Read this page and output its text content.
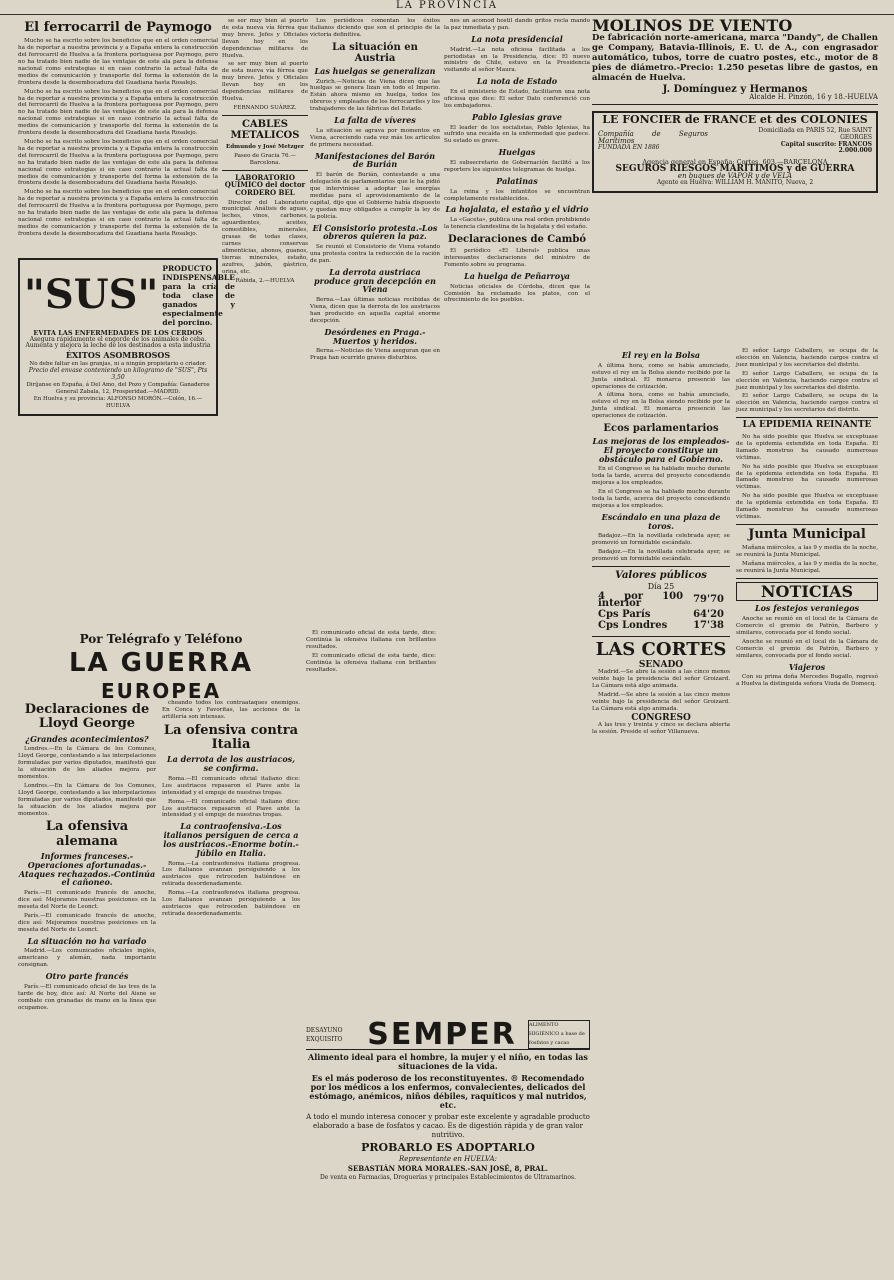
LA PROVINCIA
El ferrocarril de Paymogo

Mucho se ha escrito sobre los beneficios que en el orden comercial ha de reportar a nuestra provincia y a España entera la construcción del ferrocarril de Huelva a la frontera portuguesa por Paymogo, pero no ha tratado bien nadie de las ventajas de este ala para la defensa nacional como estrategias si en caso contrario la actual falta de medios de comunicación y transporte del forma la extensión de la frontera desde la desembocadura del Guadiana hasta Rosalejo.

Mucho se ha escrito sobre los beneficios que en el orden comercial ha de reportar a nuestra provincia y a España entera la construcción del ferrocarril de Huelva a la frontera portuguesa por Paymogo, pero no ha tratado bien nadie de las ventajas de este ala para la defensa nacional como estrategias si en caso contrario la actual falta de medios de comunicación y transporte del forma la extensión de la frontera desde la desembocadura del Guadiana hasta Rosalejo.

Mucho se ha escrito sobre los beneficios que en el orden comercial ha de reportar a nuestra provincia y a España entera la construcción del ferrocarril de Huelva a la frontera portuguesa por Paymogo, pero no ha tratado bien nadie de las ventajas de este ala para la defensa nacional como estrategias si en caso contrario la actual falta de medios de comunicación y transporte del forma la extensión de la frontera desde la desembocadura del Guadiana hasta Rosalejo.

Mucho se ha escrito sobre los beneficios que en el orden comercial ha de reportar a nuestra provincia y a España entera la construcción del ferrocarril de Huelva a la frontera portuguesa por Paymogo, pero no ha tratado bien nadie de las ventajas de este ala para la defensa nacional como estrategias si en caso contrario la actual falta de medios de comunicación y transporte del forma la extensión de la frontera desde la desembocadura del Guadiana hasta Rosalejo.

"SUS"
PRODUCTO INDISPENSABLE para la cría de toda clase de ganados y especialmente del porcino.
EVITA LAS ENFERMEDADES DE LOS CERDOS
Asegura rápidamente el engorde de los animales de ceba. Aumenta y mejora la leche de los destinados a esta industria
ÉXITOS ASOMBROSOS
No debe faltar en las granjas, ni a ningún propietario o criador.
Precio del envase conteniendo un kilogramo de "SUS", Pts 3,50
Diríjanse en España, á Del Amo, del Pozo y Compañía: Ganaderos General Zabala, 12, Prosperidad.—MADRID.
En Huelva y su provincia: ALFONSO MORÓN.—Colón, 16.—HUELVA

se ser muy bien al puerto de esta nueva vía férrea que muy breve. Jefes y Oficiales llevan hoy en los dependencias militares de Huelva.

se ser muy bien al puerto de esta nueva vía férrea que muy breve. Jefes y Oficiales llevan hoy en los dependencias militares de Huelva.

FERNANDO SUÁREZ.

CABLES METALICOS

Edmundo y José Metzger

Paseo de Gracia 76.—Barcelona.

LABORATORIO QUÍMICO del doctor CORDERO BEL

Director del Laboratorio municipal. Análisis de aguas, leches, vinos, carbones, aguardientes, aceites, comestibles, minerales, grasas de todas clases, carnes conservas alimenticias, abonos, guanos, tierras minerales, estaño, azufres, jabón, gástrico, orina, etc.

Rábida, 2.—HUELVA

Los periódicos comentan los éxitos italianos diciendo que son el principio de la victoria definitiva.

La situación en Austria
Las huelgas se generalizan

Zurich.—Noticias de Viena dicen que las huelgas se genera lizan en todo el Imperio. Están ahora mismo en huelga, todos los obreros y empleados de los ferrocarriles y los trabajadores de las fábricas del Estado.

La falta de víveres

La situación se agrava por momentos en Viena, acreciendo cada vez más los artículos de primera necesidad.

Manifestaciones del Barón de Burián

El barón de Burián, contestando a una delegación de parlamentarios que le ha pidió que interviniese a adoptar las energías medidas para el aprovisionamiento de la capital, dijo que el Gobierno había dispuesto y quedan muy obligados a cumplir la ley de la policía.

El Consistorio protesta.-Los obreros quieren la paz.

Se reunió el Consistorio de Viena votando una protesta contra la reducción de la ración de pan.

La derrota austriaca produce gran decepción en Viena

Berna.—Las últimas noticias recibidas de Viena, dicen que la derrota de los austriacos han producido en aquella capital enorme decepción.

Desórdenes en Praga.-Muertos y heridos.

Berna.—Noticias de Viena aseguran que en Praga han ocurrido graves disturbios.

nes un acomod hostil dando gritos recla mando la paz inmediata y pan.

La nota presidencial

Madrid.—La nota oficiosa facilitada a los periodistas en la Presidencia, dice: El nuevo ministro de Chile, estuvo en la Presidencia visitando al señor Maura.

La nota de Estado

En el ministerio de Estado, facilitaron una nota oficiosa que dice: El señor Dato conferenció con los embajadores.

Pablo Iglesias grave

El leader de los socialistas, Pablo Iglesias, ha sufrido una recaída en la enfermedad que padece. Su estado es grave.

Huelgas

El subsecretario de Gobernación facilitó a los reporters los siguientes telegramas de huelga.

Palatinas

La reina y los infantitos se encuentran completamente restablecidos.

La hojalata, el estaño y el vidrio

La «Gaceta», publica una real orden prohibiendo la tenencia clandestina de la hojalata y del estaño.

Declaraciones de Cambó

El periódico «El Liberal» publica unas interesantes declaraciones del ministro de Fomento sobre su programa.

La huelga de Peñarroya

Noticias oficiales de Córdoba, dicen que la Comisión ha reclamado los platos, con el ofrecimiento de los pueblos.

MOLINOS DE VIENTO
De fabricación norte-americana, marca "Dandy", de Challen ge Company, Batavia-Illinois, E. U. de A., con engrasador automático, tubos, torre de cuatro postes, etc., motor de 8 pies de diámetro.-Precio: 1.250 pesetas libre de gastos, en almacén de Huelva.
J. Domínguez y Hermanos
Alcalde H. Pinzón, 16 y 18.-HUELVA
LE FONCIER de FRANCE et des COLONIES
Compañía de Seguros Marítimos
FUNDADA EN 1886
Domiciliada en PARIS 52, Rue SAINT GEORGES
Capital suscrito: FRANCOS 2.000.000
Agencia general en España: Cortes, 603.—BARCELONA
SEGUROS RIESGOS MARÍTIMOS y de GUERRA
en buques de VAPOR y de VELA
Agente en Huelva: WILLIAM H. MANITO, Nueva, 2
El rey en la Bolsa

A última hora, como se había anunciado, estuvo el rey en la Bolsa siendo recibido por la Junta sindical. El monarca presenció las operaciones de cotización.

A última hora, como se había anunciado, estuvo el rey en la Bolsa siendo recibido por la Junta sindical. El monarca presenció las operaciones de cotización.

Ecos parlamentarios
Las mejoras de los empleados-El proyecto constituye un obstáculo para el Gobierno.

En el Congreso se ha hablado mucho durante toda la tarde, acerca del proyecto concediendo mejoras a los empleados.

En el Congreso se ha hablado mucho durante toda la tarde, acerca del proyecto concediendo mejoras a los empleados.

Escándalo en una plaza de toros.

Badajoz.—En la novillada celebrada ayer, se promovió un formidable escándalo.

Badajoz.—En la novillada celebrada ayer, se promovió un formidable escándalo.

Valores públicos
Día 25
4 por 100 interior	79'70
Cps París	64'20
Cps Londres	17'38
LAS CORTES
SENADO

Madrid.—Se abre la sesión a las cinco menos veinte bajo la presidencia del señor Groizard. La Cámara está algo animada.

Madrid.—Se abre la sesión a las cinco menos veinte bajo la presidencia del señor Groizard. La Cámara está algo animada.

CONGRESO

A las tres y treinta y cinco se declara abierta la sesión. Preside el señor Villanueva.

El señor Largo Caballero, se ocupa de la elección en Valencia, haciendo cargos contra el juez municipal y los secretarios del distrito.

El señor Largo Caballero, se ocupa de la elección en Valencia, haciendo cargos contra el juez municipal y los secretarios del distrito.

El señor Largo Caballero, se ocupa de la elección en Valencia, haciendo cargos contra el juez municipal y los secretarios del distrito.

LA EPIDEMIA REINANTE

No ha sido posible que Huelva se exceptuase de la epidemia extendida en toda España. El llamado monstruo ha causado numerosas víctimas.

No ha sido posible que Huelva se exceptuase de la epidemia extendida en toda España. El llamado monstruo ha causado numerosas víctimas.

No ha sido posible que Huelva se exceptuase de la epidemia extendida en toda España. El llamado monstruo ha causado numerosas víctimas.

Junta Municipal

Mañana miércoles, a las 9 y media de la noche, se reunirá la Junta Municipal.

Mañana miércoles, a las 9 y media de la noche, se reunirá la Junta Municipal.

NOTICIAS
Los festejos veraniegos

Anoche se reunió en el local de la Cámara de Comercio el gremio de Patrón, Barbero y similares, convocada por el fondo social.

Anoche se reunió en el local de la Cámara de Comercio el gremio de Patrón, Barbero y similares, convocada por el fondo social.

Viajeros

Con su prima doña Mercedes Bugallo, regresó a Huelva la distinguida señora Viuda de Domecq.

Por Telégrafo y Teléfono
LA GUERRA
EUROPEA
Declaraciones de Lloyd George
¿Grandes acontecimientos?

Londres.—En la Cámara de los Comunes, Lloyd George, contestando a las interpelaciones formuladas por varios diputados, manifestó que la situación de los aliados mejora por momentos.

Londres.—En la Cámara de los Comunes, Lloyd George, contestando a las interpelaciones formuladas por varios diputados, manifestó que la situación de los aliados mejora por momentos.

La ofensiva alemana
Informes franceses.-Operaciones afortunadas.-Ataques rechazados.-Continúa el cañoneo.

París.—El comunicado francés de anoche, dice así: Mejoramos nuestras posiciones en la meseta del Norte de Leonct.

París.—El comunicado francés de anoche, dice así: Mejoramos nuestras posiciones en la meseta del Norte de Leonct.

La situación no ha variado

Madrid.—Los comunicados oficiales inglés, americano y alemán, nada importante consignan.

Otro parte francés

París.—El comunicado oficial de las tres de la tarde de hoy, dice así: Al Norte del Aisne se combate con granadas de mano en la línea que ocupamos.

cheando todos los contraataques enemigos. En Conca y Favoritas, las acciones de la artillería son intensas.

La ofensiva contra Italia
La derrota de los austriacos, se confirma.

Roma.—El comunicado oficial italiano dice: Los austriacos repasaron el Piave ante la intensidad y el empuje de nuestras tropas.

Roma.—El comunicado oficial italiano dice: Los austriacos repasaron el Piave ante la intensidad y el empuje de nuestras tropas.

La contraofensiva.-Los italianos persiguen de cerca a los austriacos.-Enorme botín.-Júbilo en Italia.

Roma.—La contraofensiva italiana progresa. Los italianos avanzan persiguiendo a los austriacos que retroceden batiéndose en retirada desordenadamente.

Roma.—La contraofensiva italiana progresa. Los italianos avanzan persiguiendo a los austriacos que retroceden batiéndose en retirada desordenadamente.

El comunicado oficial de esta tarde, dice: Continúa la ofensiva italiana con brillantes resultados.

El comunicado oficial de esta tarde, dice: Continúa la ofensiva italiana con brillantes resultados.

DESAYUNO EXQUISITO SEMPER ALIMENTO HIGIÉNICO a base de fosfatos y cacao
Alimento ideal para el hombre, la mujer y el niño, en todas las situaciones de la vida.
Es el más poderoso de los reconstituyentes. ® Recomendado por los médicos a los enfermos, convalecientes, delicados del estómago, anémicos, niños débiles, raquíticos y mal nutridos, etc.
A todo el mundo interesa conocer y probar este excelente y agradable producto elaborado a base de fosfatos y cacao. Es de digestión rápida y de gran valor nutritivo.
PROBARLO ES ADOPTARLO
Representante en HUELVA:
SEBASTIÁN MORA MORALES.-SAN JOSÉ, 8, PRAL.
De venta en Farmacias, Droguerías y principales Establecimientos de Ultramarinos.
